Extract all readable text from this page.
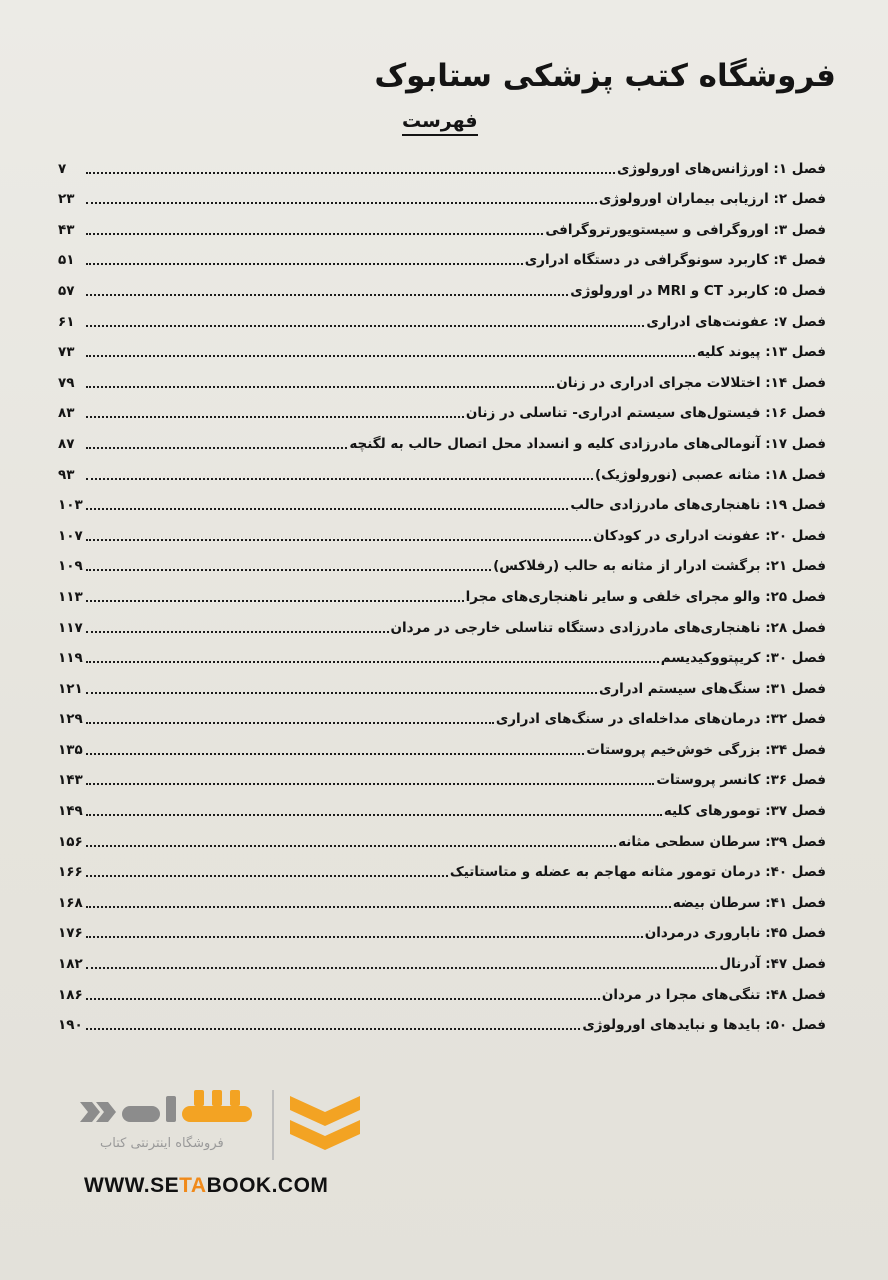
فروشگاه کتب پزشکی ستابوک
فهرست
فصل ۱: اورژانس‌های اورولوژی
۷
فصل ۲: ارزیابی بیماران اورولوژی
۲۳
فصل ۳: اوروگرافی و سیستویورتروگرافی
۴۳
فصل ۴: کاربرد سونوگرافی در دستگاه ادراری
۵۱
فصل ۵: کاربرد CT و MRI در اورولوژی
۵۷
فصل ۷: عفونت‌های ادراری
۶۱
فصل ۱۳: پیوند کلیه
۷۳
فصل ۱۴: اختلالات مجرای ادراری در زنان
۷۹
فصل ۱۶: فیستول‌های سیستم ادراری- تناسلی در زنان
۸۳
فصل ۱۷: آنومالی‌های مادرزادی کلیه و انسداد محل اتصال حالب به لگنچه
۸۷
فصل ۱۸: مثانه عصبی (نورولوژیک)
۹۳
فصل ۱۹: ناهنجاری‌های مادرزادی حالب
۱۰۳
فصل ۲۰: عفونت ادراری در کودکان
۱۰۷
فصل ۲۱: برگشت ادرار از مثانه به حالب (رفلاکس)
۱۰۹
فصل ۲۵: والو مجرای خلفی و سایر ناهنجاری‌های مجرا
۱۱۳
فصل ۲۸: ناهنجاری‌های مادرزادی دستگاه تناسلی خارجی در مردان
۱۱۷
فصل ۳۰: کریپتووکیدیسم
۱۱۹
فصل ۳۱: سنگ‌های سیستم ادراری
۱۲۱
فصل ۳۲: درمان‌های مداخله‌ای در سنگ‌های ادراری
۱۲۹
فصل ۳۴: بزرگی خوش‌خیم پروستات
۱۳۵
فصل ۳۶: کانسر پروستات
۱۴۳
فصل ۳۷: تومورهای کلیه
۱۴۹
فصل ۳۹: سرطان سطحی مثانه
۱۵۶
فصل ۴۰: درمان تومور مثانه مهاجم به عضله و متاستاتیک
۱۶۶
فصل ۴۱: سرطان بیضه
۱۶۸
فصل ۴۵: ناباروری درمردان
۱۷۶
فصل ۴۷: آدرنال
۱۸۲
فصل ۴۸: تنگی‌های مجرا در مردان
۱۸۶
فصل ۵۰: بایدها و نبایدهای اورولوژی
۱۹۰
فروشگاه اینترنتی کتاب
WWW.SETABOOK.COM
